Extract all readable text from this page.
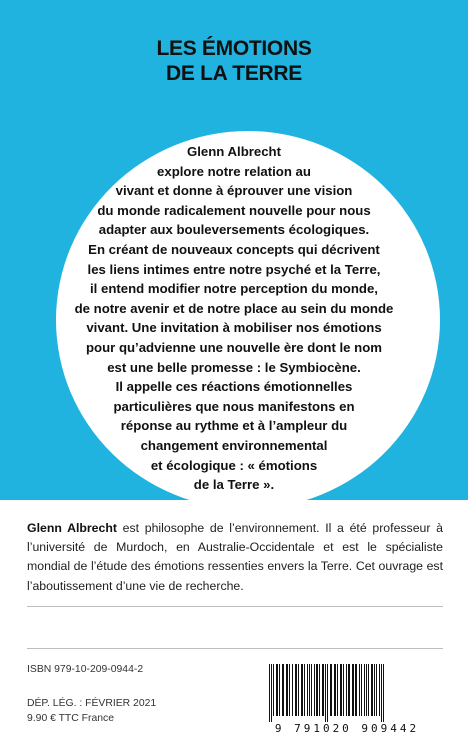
LES ÉMOTIONS
DE LA TERRE
Glenn Albrecht
explore notre relation au
vivant et donne à éprouver une vision
du monde radicalement nouvelle pour nous
adapter aux bouleversements écologiques.
En créant de nouveaux concepts qui décrivent
les liens intimes entre notre psyché et la Terre,
il entend modifier notre perception du monde,
de notre avenir et de notre place au sein du monde
vivant. Une invitation à mobiliser nos émotions
pour qu’advienne une nouvelle ère dont le nom
est une belle promesse : le Symbiocène.
Il appelle ces réactions émotionnelles
particulières que nous manifestons en
réponse au rythme et à l’ampleur du
changement environnemental
et écologique : « émotions
de la Terre ».
Glenn Albrecht est philosophe de l’environnement. Il a été professeur à l’université de Murdoch, en Australie-Occidentale et est le spécialiste mondial de l’étude des émotions ressenties envers la Terre. Cet ouvrage est l’aboutissement d’une vie de recherche.
ISBN 979-10-209-0944-2
DÉP. LÉG. : FÉVRIER 2021
9.90 € TTC France
9 791020 909442
